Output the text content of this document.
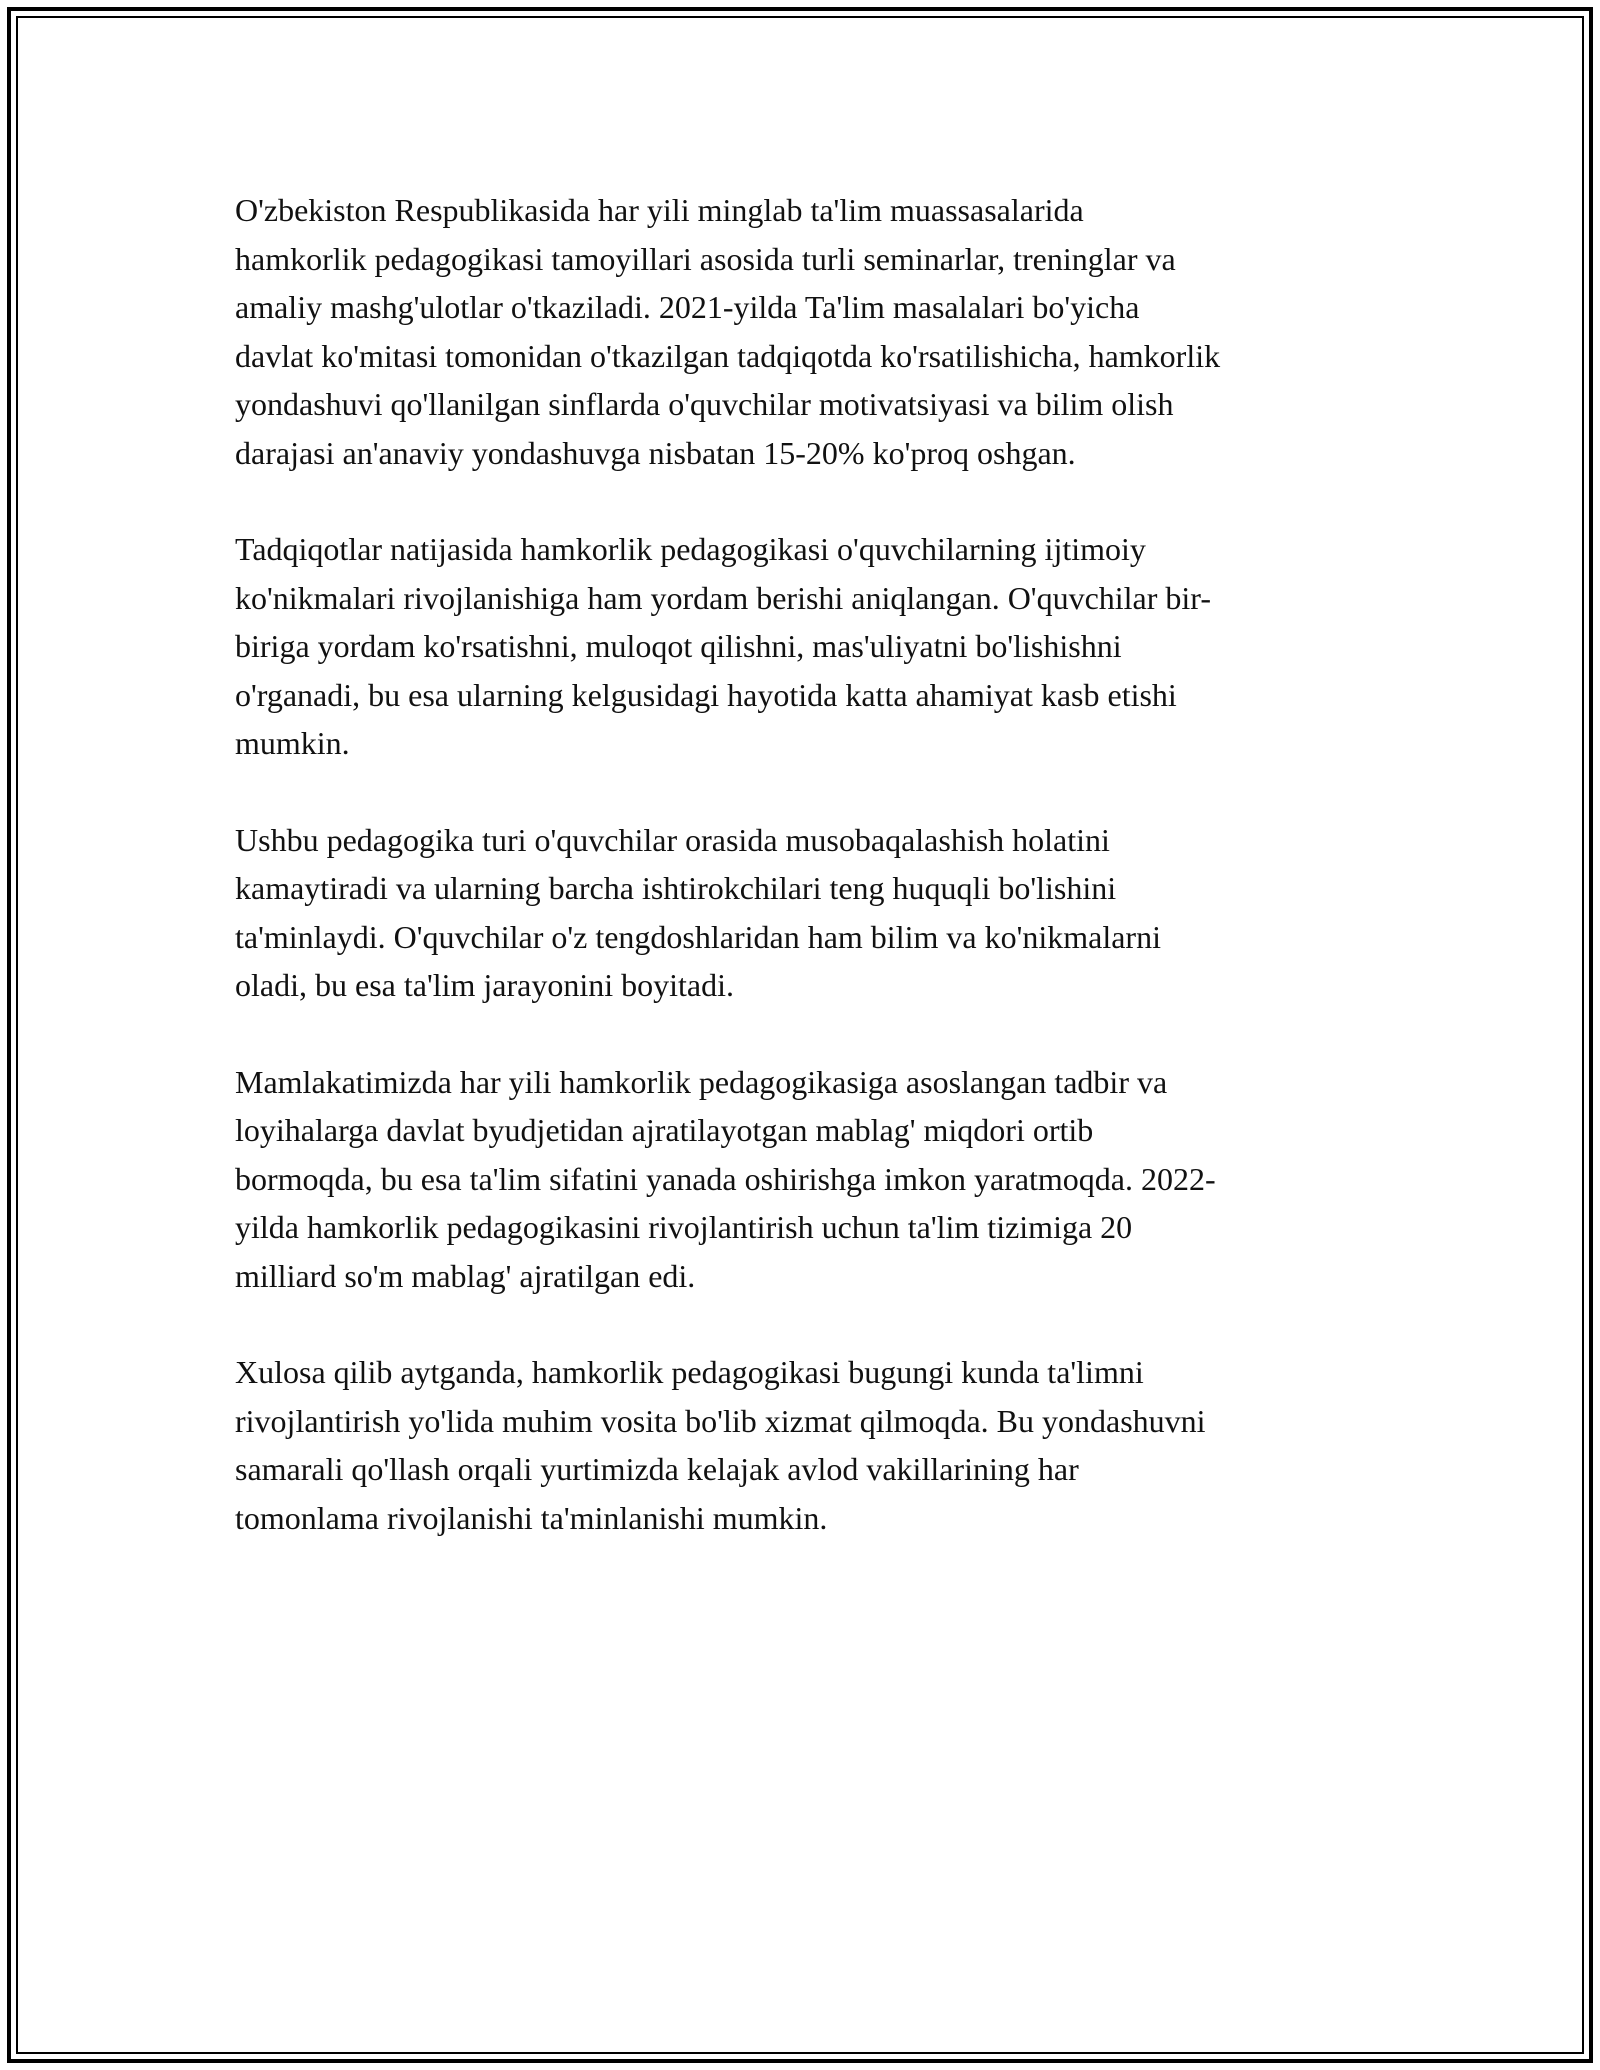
O'zbekiston Respublikasida har yili minglab ta'lim muassasalarida
hamkorlik pedagogikasi tamoyillari asosida turli seminarlar, treninglar va
amaliy mashg'ulotlar o'tkaziladi. 2021-yilda Ta'lim masalalari bo'yicha
davlat ko'mitasi tomonidan o'tkazilgan tadqiqotda ko'rsatilishicha, hamkorlik
yondashuvi qo'llanilgan sinflarda o'quvchilar motivatsiyasi va bilim olish
darajasi an'anaviy yondashuvga nisbatan 15-20% ko'proq oshgan.

Tadqiqotlar natijasida hamkorlik pedagogikasi o'quvchilarning ijtimoiy
ko'nikmalari rivojlanishiga ham yordam berishi aniqlangan. O'quvchilar bir-
biriga yordam ko'rsatishni, muloqot qilishni, mas'uliyatni bo'lishishni
o'rganadi, bu esa ularning kelgusidagi hayotida katta ahamiyat kasb etishi
mumkin.

Ushbu pedagogika turi o'quvchilar orasida musobaqalashish holatini
kamaytiradi va ularning barcha ishtirokchilari teng huquqli bo'lishini
ta'minlaydi. O'quvchilar o'z tengdoshlaridan ham bilim va ko'nikmalarni
oladi, bu esa ta'lim jarayonini boyitadi.

Mamlakatimizda har yili hamkorlik pedagogikasiga asoslangan tadbir va
loyihalarga davlat byudjetidan ajratilayotgan mablag' miqdori ortib
bormoqda, bu esa ta'lim sifatini yanada oshirishga imkon yaratmoqda. 2022-
yilda hamkorlik pedagogikasini rivojlantirish uchun ta'lim tizimiga 20
milliard so'm mablag' ajratilgan edi.

Xulosa qilib aytganda, hamkorlik pedagogikasi bugungi kunda ta'limni
rivojlantirish yo'lida muhim vosita bo'lib xizmat qilmoqda. Bu yondashuvni
samarali qo'llash orqali yurtimizda kelajak avlod vakillarining har
tomonlama rivojlanishi ta'minlanishi mumkin.
